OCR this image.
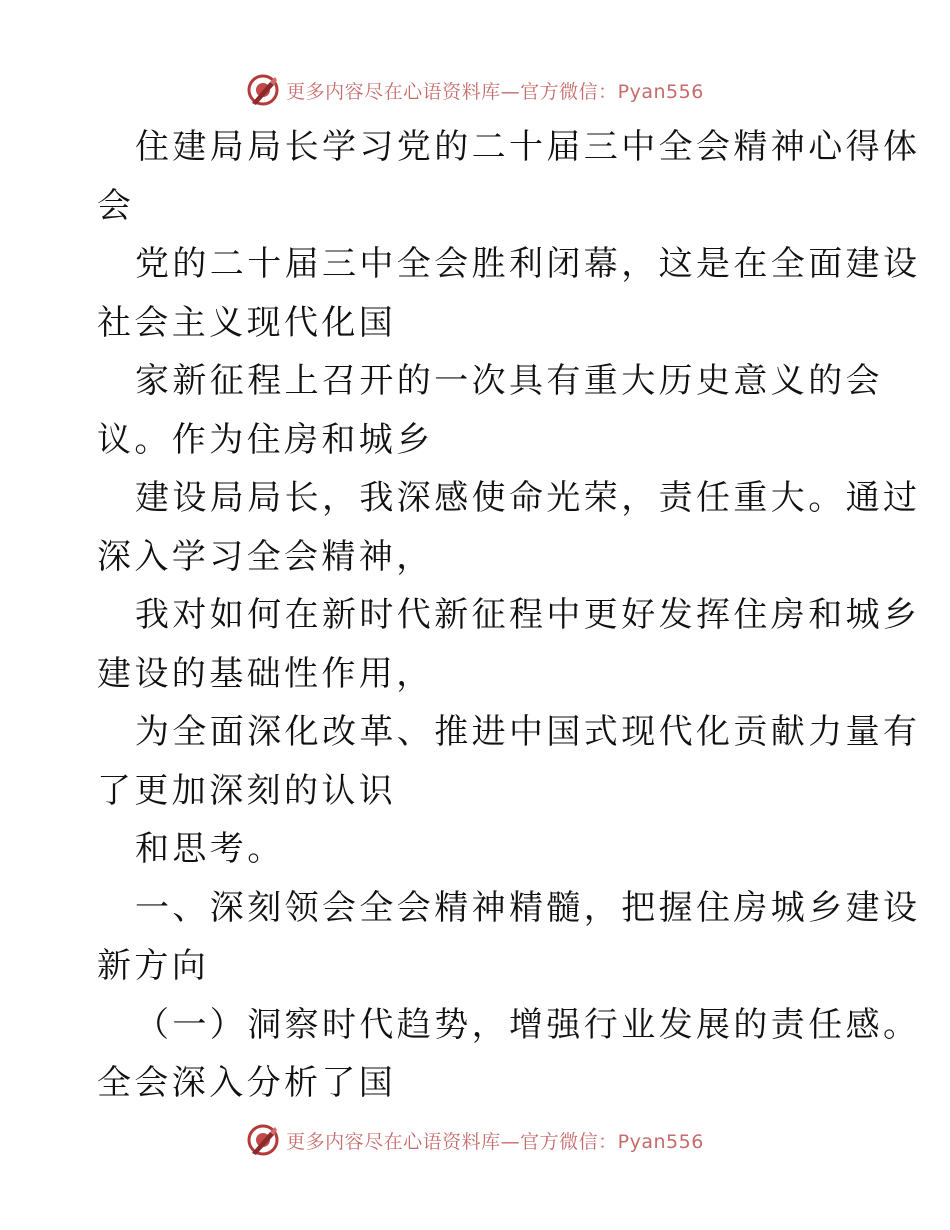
更多内容尽在心语资料库—官方微信：Pyan556
住建局局长学习党的二十届三中全会精神心得体
会
党的二十届三中全会胜利闭幕，这是在全面建设
社会主义现代化国
家新征程上召开的一次具有重大历史意义的会
议。作为住房和城乡
建设局局长，我深感使命光荣，责任重大。通过
深入学习全会精神，
我对如何在新时代新征程中更好发挥住房和城乡
建设的基础性作用，
为全面深化改革、推进中国式现代化贡献力量有
了更加深刻的认识
和思考。
一、深刻领会全会精神精髓，把握住房城乡建设
新方向
（一）洞察时代趋势，增强行业发展的责任感。
全会深入分析了国
更多内容尽在心语资料库—官方微信：Pyan556
